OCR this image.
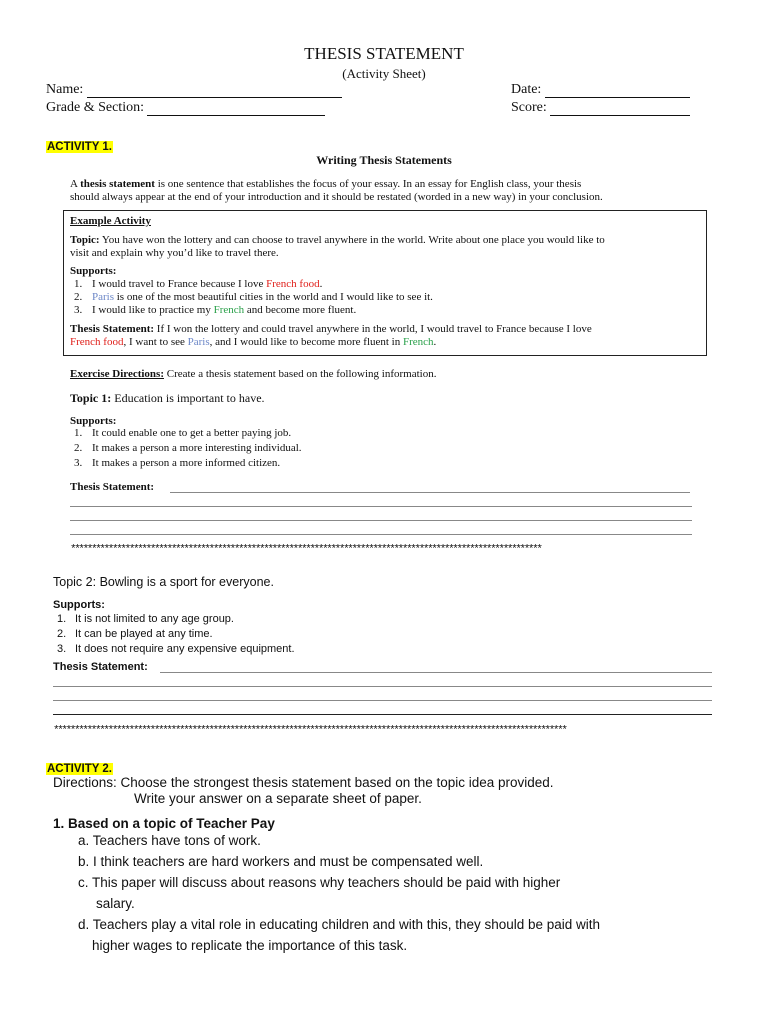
THESIS STATEMENT
(Activity Sheet)
Name:	Date:
Grade & Section:	Score:
ACTIVITY 1.
Writing Thesis Statements
A thesis statement is one sentence that establishes the focus of your essay. In an essay for English class, your thesis
should always appear at the end of your introduction and it should be restated (worded in a new way) in your conclusion.
Example Activity
Topic: You have won the lottery and can choose to travel anywhere in the world. Write about one place you would like to
visit and explain why you’d like to travel there.
Supports:
1. I would travel to France because I love French food.
2. Paris is one of the most beautiful cities in the world and I would like to see it.
3. I would like to practice my French and become more fluent.
Thesis Statement: If I won the lottery and could travel anywhere in the world, I would travel to France because I love
French food, I want to see Paris, and I would like to become more fluent in French.
Exercise Directions: Create a thesis statement based on the following information.
Topic 1: Education is important to have.
Supports:
1. It could enable one to get a better paying job.
2. It makes a person a more interesting individual.
3. It makes a person a more informed citizen.
Thesis Statement:
****************************************************************************************************************
Topic 2: Bowling is a sport for everyone.
Supports:
1. It is not limited to any age group.
2. It can be played at any time.
3. It does not require any expensive equipment.
Thesis Statement:
**************************************************************************************************************************
ACTIVITY 2.
Directions: Choose the strongest thesis statement based on the topic idea provided.
Write your answer on a separate sheet of paper.
1. Based on a topic of Teacher Pay
a. Teachers have tons of work.
b. I think teachers are hard workers and must be compensated well.
c. This paper will discuss about reasons why teachers should be paid with higher
salary.
d. Teachers play a vital role in educating children and with this, they should be paid with
higher wages to replicate the importance of this task.
